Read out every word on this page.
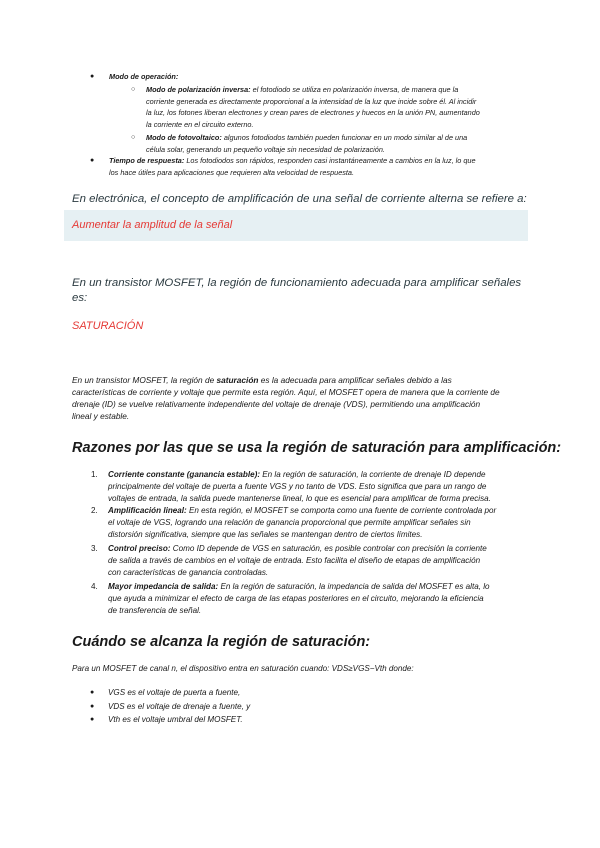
● Modo de operación:
○ Modo de polarización inversa: el fotodiodo se utiliza en polarización inversa, de manera que la
corriente generada es directamente proporcional a la intensidad de la luz que incide sobre él. Al incidir
la luz, los fotones liberan electrones y crean pares de electrones y huecos en la unión PN, aumentando
la corriente en el circuito externo.
○ Modo de fotovoltaico: algunos fotodiodos también pueden funcionar en un modo similar al de una
célula solar, generando un pequeño voltaje sin necesidad de polarización.
● Tiempo de respuesta: Los fotodiodos son rápidos, responden casi instantáneamente a cambios en la luz, lo que
los hace útiles para aplicaciones que requieren alta velocidad de respuesta.
En electrónica, el concepto de amplificación de una señal de corriente alterna se refiere a:
Aumentar la amplitud de la señal
En un transistor MOSFET, la región de funcionamiento adecuada para amplificar señales
es:
SATURACIÓN
En un transistor MOSFET, la región de saturación es la adecuada para amplificar señales debido a las
características de corriente y voltaje que permite esta región. Aquí, el MOSFET opera de manera que la corriente de
drenaje (ID) se vuelve relativamente independiente del voltaje de drenaje (VDS), permitiendo una amplificación
lineal y estable.
Razones por las que se usa la región de saturación para amplificación:
1. Corriente constante (ganancia estable): En la región de saturación, la corriente de drenaje ID depende
principalmente del voltaje de puerta a fuente VGS y no tanto de VDS. Esto significa que para un rango de
voltajes de entrada, la salida puede mantenerse lineal, lo que es esencial para amplificar de forma precisa.
2. Amplificación lineal: En esta región, el MOSFET se comporta como una fuente de corriente controlada por
el voltaje de VGS, logrando una relación de ganancia proporcional que permite amplificar señales sin
distorsión significativa, siempre que las señales se mantengan dentro de ciertos límites.
3. Control preciso: Como ID depende de VGS en saturación, es posible controlar con precisión la corriente
de salida a través de cambios en el voltaje de entrada. Esto facilita el diseño de etapas de amplificación
con características de ganancia controladas.
4. Mayor impedancia de salida: En la región de saturación, la impedancia de salida del MOSFET es alta, lo
que ayuda a minimizar el efecto de carga de las etapas posteriores en el circuito, mejorando la eficiencia
de transferencia de señal.
Cuándo se alcanza la región de saturación:
Para un MOSFET de canal n, el dispositivo entra en saturación cuando: VDS≥VGS−Vth donde:
● VGS es el voltaje de puerta a fuente,
● VDS es el voltaje de drenaje a fuente, y
● Vth es el voltaje umbral del MOSFET.
